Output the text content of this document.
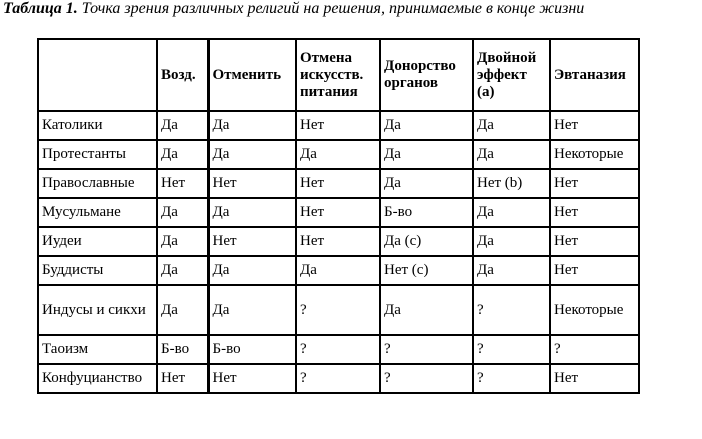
Таблица 1. Точка зрения различных религий на решения, принимаемые в конце жизни
	Возд.	Отменить	Отмена искусств. питания	Донорство органов	Двойной эффект (а)	Эвтаназия
Католики	Да	Да	Нет	Да	Да	Нет
Протестанты	Да	Да	Да	Да	Да	Некоторые
Православные	Нет	Нет	Нет	Да	Нет (b)	Нет
Мусульмане	Да	Да	Нет	Б-во	Да	Нет
Иудеи	Да	Нет	Нет	Да (с)	Да	Нет
Буддисты	Да	Да	Да	Нет (с)	Да	Нет
Индусы и сикхи	Да	Да	?	Да	?	Некоторые
Таоизм	Б-во	Б-во	?	?	?	?
Конфуцианство	Нет	Нет	?	?	?	Нет
